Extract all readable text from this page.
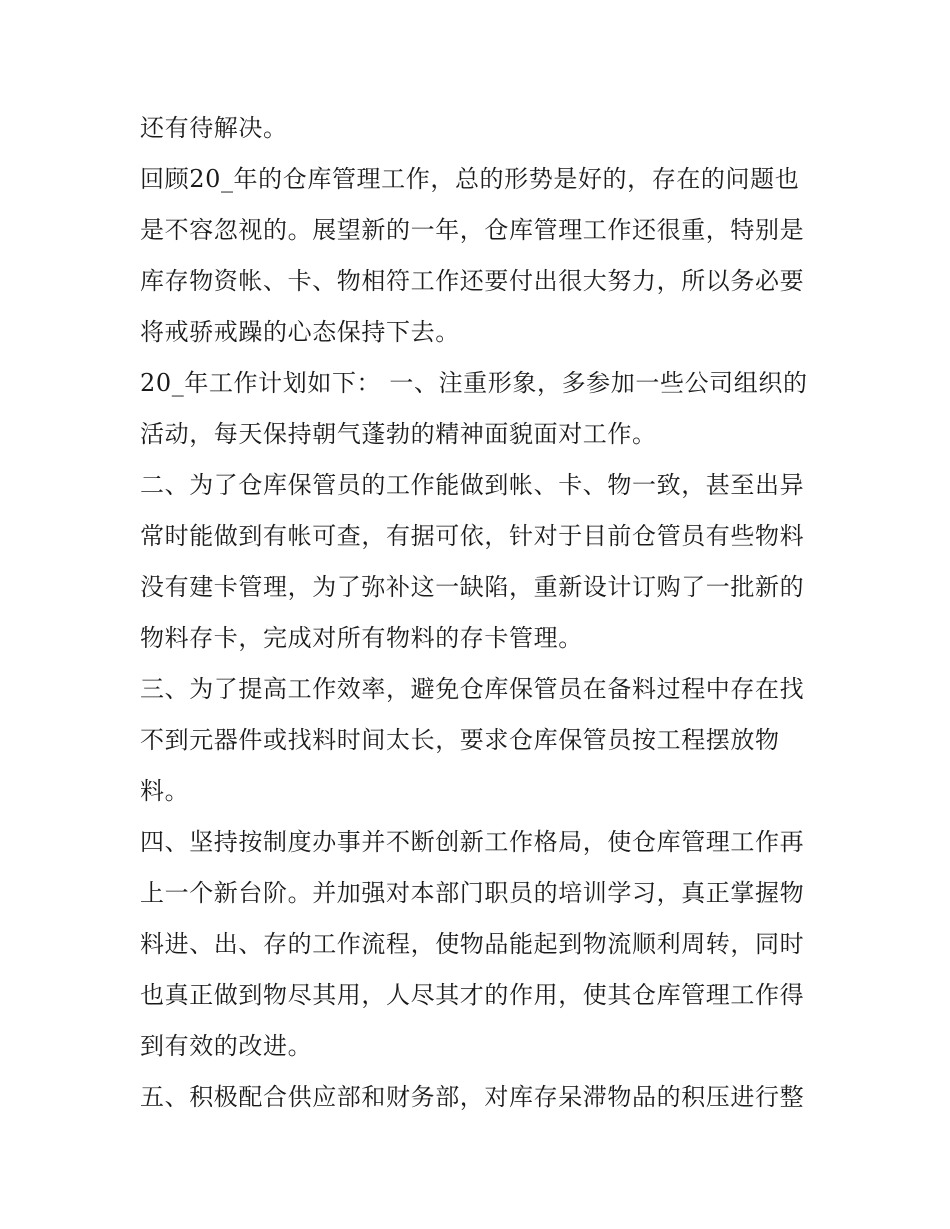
还有待解决。
回顾20_年的仓库管理工作，总的形势是好的，存在的问题也
是不容忽视的。展望新的一年，仓库管理工作还很重，特别是
库存物资帐、卡、物相符工作还要付出很大努力，所以务必要
将戒骄戒躁的心态保持下去。
20_年工作计划如下： 一、注重形象，多参加一些公司组织的
活动，每天保持朝气蓬勃的精神面貌面对工作。
二、为了仓库保管员的工作能做到帐、卡、物一致，甚至出异
常时能做到有帐可查，有据可依，针对于目前仓管员有些物料
没有建卡管理，为了弥补这一缺陷，重新设计订购了一批新的
物料存卡，完成对所有物料的存卡管理。
三、为了提高工作效率，避免仓库保管员在备料过程中存在找
不到元器件或找料时间太长，要求仓库保管员按工程摆放物
料。
四、坚持按制度办事并不断创新工作格局，使仓库管理工作再
上一个新台阶。并加强对本部门职员的培训学习，真正掌握物
料进、出、存的工作流程，使物品能起到物流顺利周转，同时
也真正做到物尽其用，人尽其才的作用，使其仓库管理工作得
到有效的改进。
五、积极配合供应部和财务部，对库存呆滞物品的积压进行整
